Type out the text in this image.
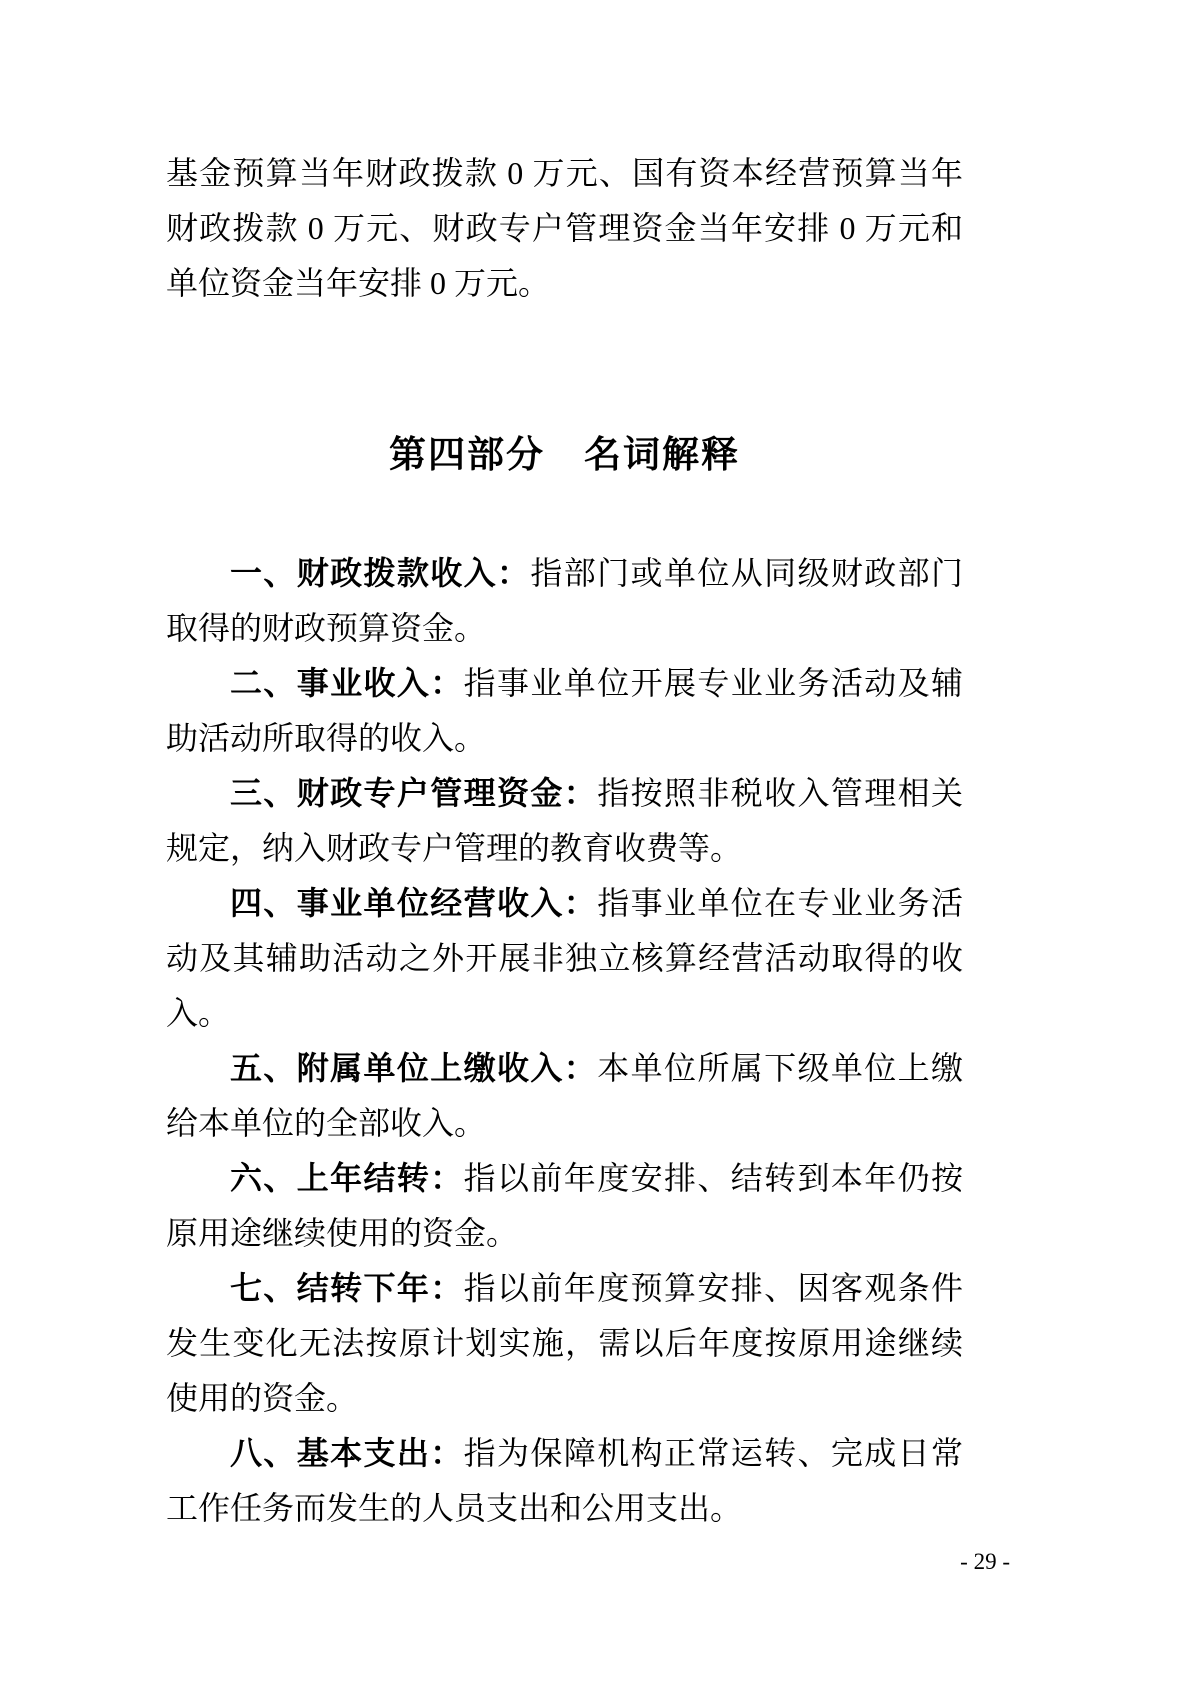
基金预算当年财政拨款 0 万元、国有资本经营预算当年财政拨款 0 万元、财政专户管理资金当年安排 0 万元和单位资金当年安排 0 万元。

第四部分　名词解释

一、财政拨款收入：指部门或单位从同级财政部门取得的财政预算资金。

二、事业收入：指事业单位开展专业业务活动及辅助活动所取得的收入。

三、财政专户管理资金：指按照非税收入管理相关规定，纳入财政专户管理的教育收费等。

四、事业单位经营收入：指事业单位在专业业务活动及其辅助活动之外开展非独立核算经营活动取得的收入。

五、附属单位上缴收入：本单位所属下级单位上缴给本单位的全部收入。

六、上年结转：指以前年度安排、结转到本年仍按原用途继续使用的资金。

七、结转下年：指以前年度预算安排、因客观条件发生变化无法按原计划实施，需以后年度按原用途继续使用的资金。

八、基本支出：指为保障机构正常运转、完成日常工作任务而发生的人员支出和公用支出。

- 29 -
